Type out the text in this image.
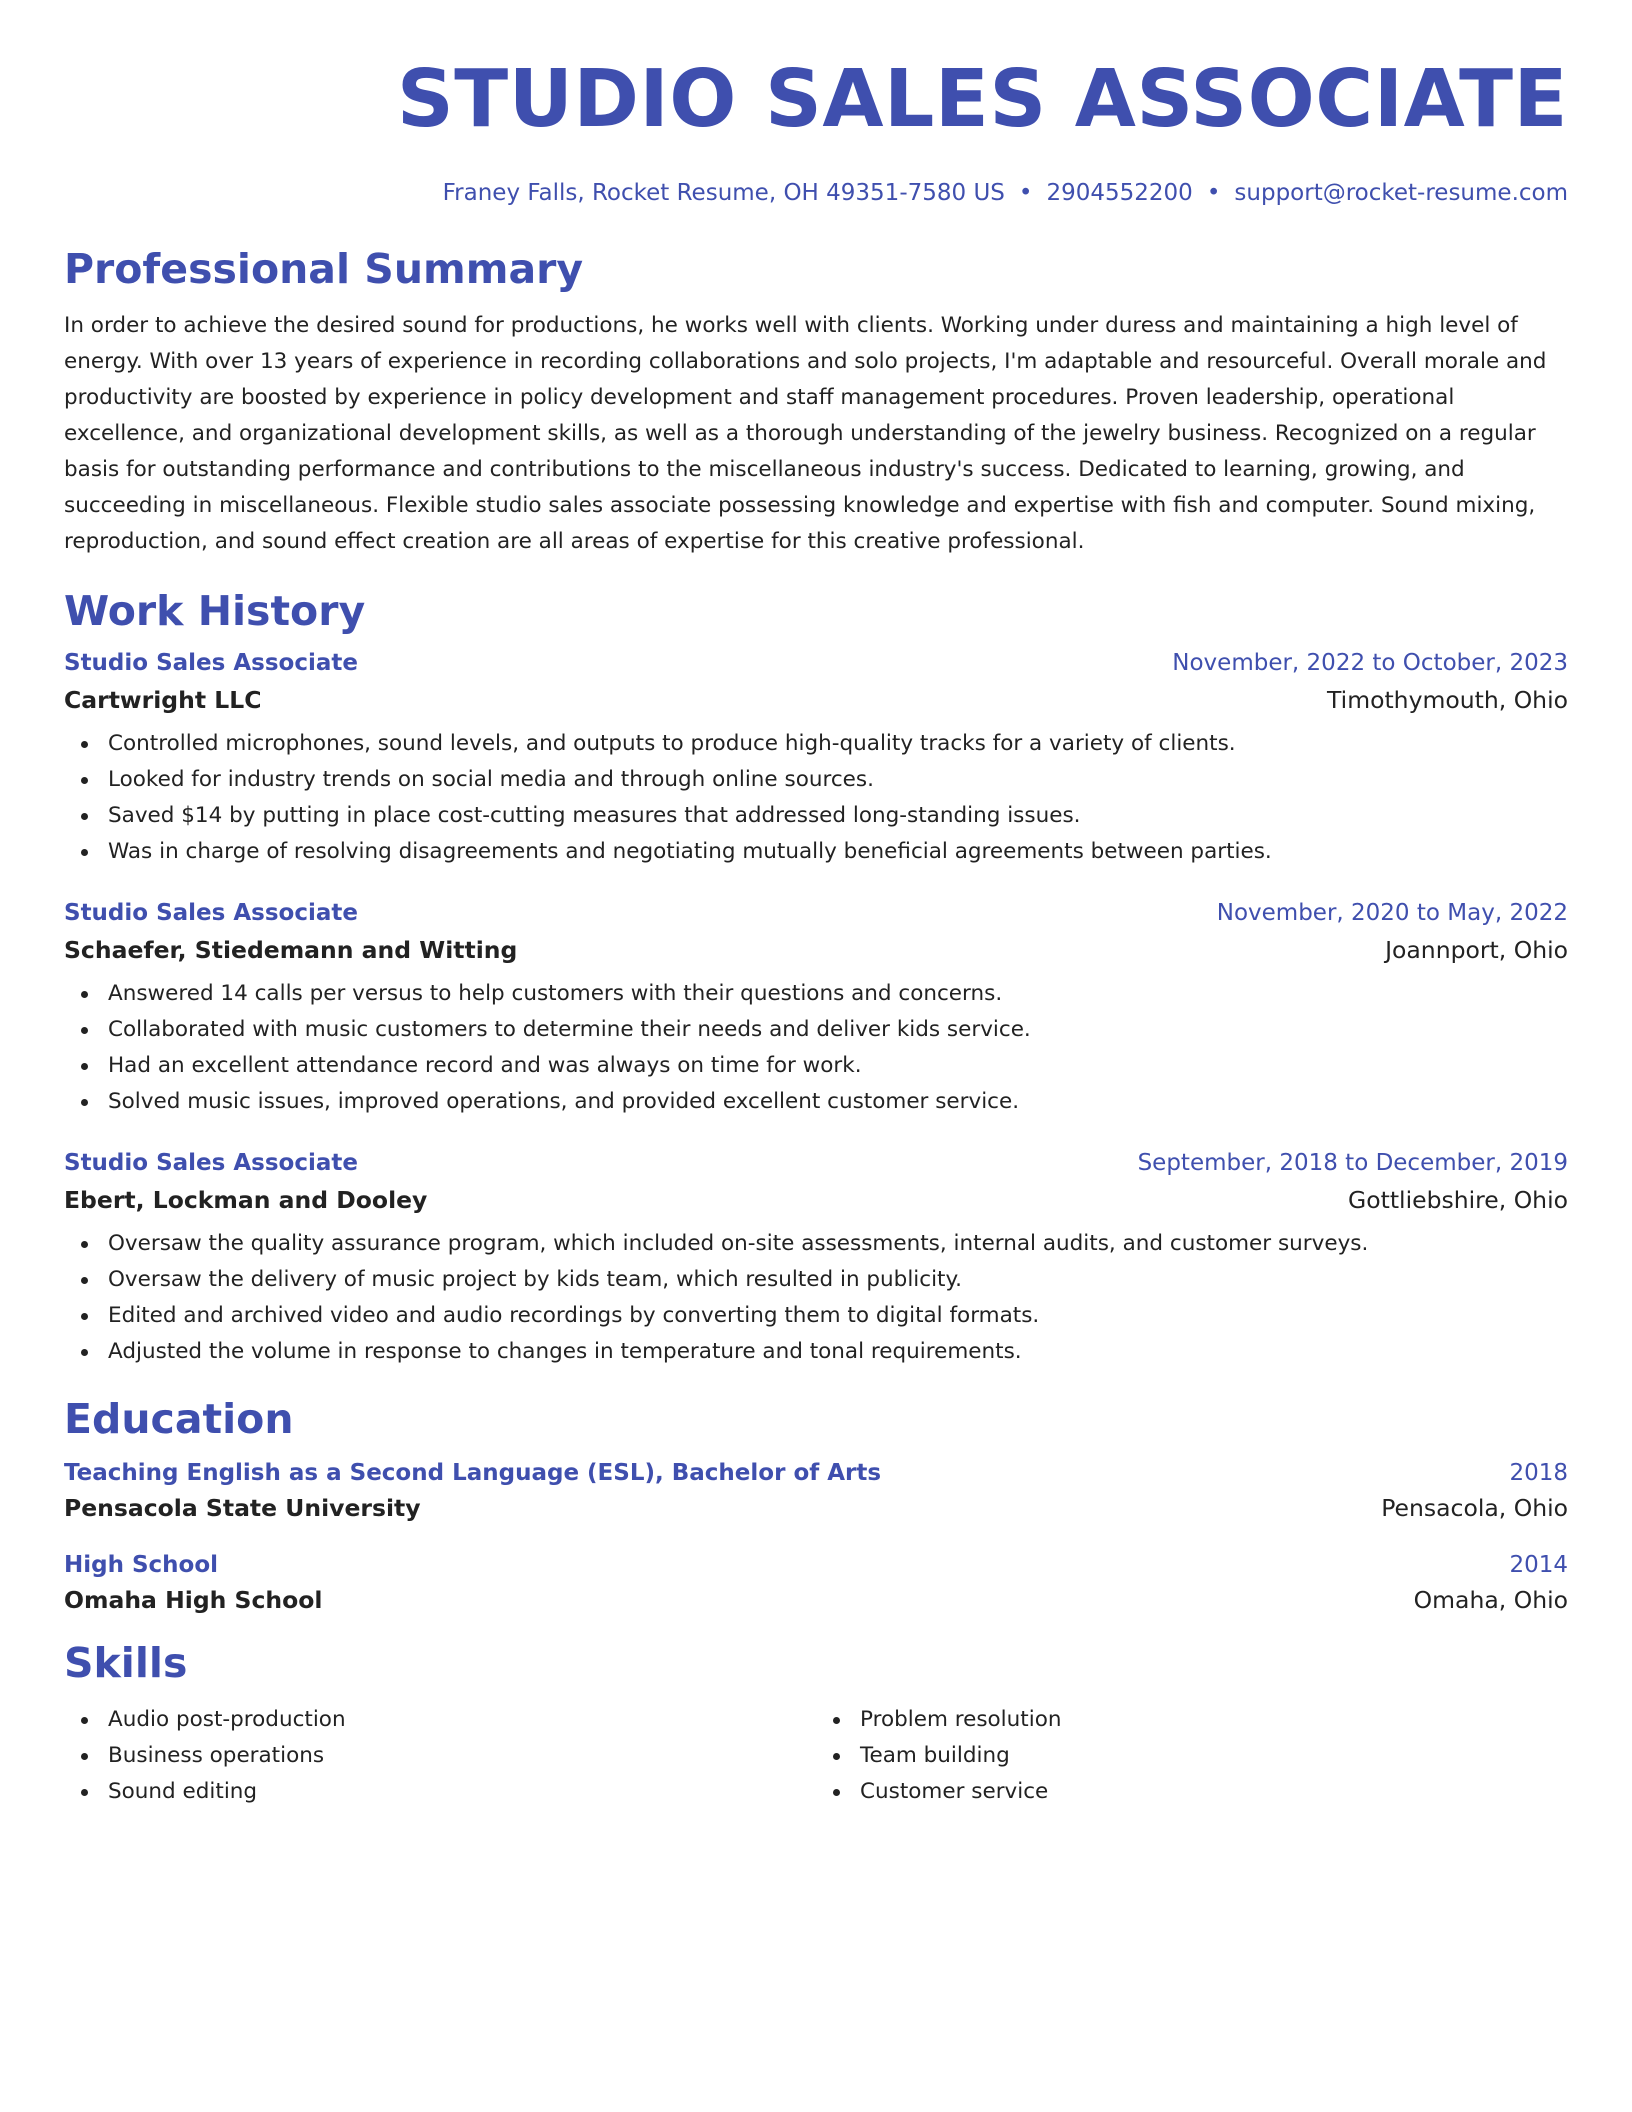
STUDIO SALES ASSOCIATE
Franey Falls, Rocket Resume, OH 49351-7580 US • 2904552200 • support@rocket-resume.com
Professional Summary

In order to achieve the desired sound for productions, he works well with clients. Working under duress and maintaining a high level of energy. With over 13 years of experience in recording collaborations and solo projects, I'm adaptable and resourceful. Overall morale and productivity are boosted by experience in policy development and staff management procedures. Proven leadership, operational excellence, and organizational development skills, as well as a thorough understanding of the jewelry business. Recognized on a regular basis for outstanding performance and contributions to the miscellaneous industry's success. Dedicated to learning, growing, and succeeding in miscellaneous. Flexible studio sales associate possessing knowledge and expertise with fish and computer. Sound mixing, reproduction, and sound effect creation are all areas of expertise for this creative professional.

Work History
Studio Sales Associate	November, 2022 to October, 2023
Cartwright LLC	Timothymouth, Ohio
Controlled microphones, sound levels, and outputs to produce high-quality tracks for a variety of clients.
Looked for industry trends on social media and through online sources.
Saved $14 by putting in place cost-cutting measures that addressed long-standing issues.
Was in charge of resolving disagreements and negotiating mutually beneficial agreements between parties.
Studio Sales Associate	November, 2020 to May, 2022
Schaefer, Stiedemann and Witting	Joannport, Ohio
Answered 14 calls per versus to help customers with their questions and concerns.
Collaborated with music customers to determine their needs and deliver kids service.
Had an excellent attendance record and was always on time for work.
Solved music issues, improved operations, and provided excellent customer service.
Studio Sales Associate	September, 2018 to December, 2019
Ebert, Lockman and Dooley	Gottliebshire, Ohio
Oversaw the quality assurance program, which included on-site assessments, internal audits, and customer surveys.
Oversaw the delivery of music project by kids team, which resulted in publicity.
Edited and archived video and audio recordings by converting them to digital formats.
Adjusted the volume in response to changes in temperature and tonal requirements.
Education
Teaching English as a Second Language (ESL), Bachelor of Arts	2018
Pensacola State University	Pensacola, Ohio
High School	2014
Omaha High School	Omaha, Ohio
Skills
Audio post-production
Business operations
Sound editing
Problem resolution
Team building
Customer service
